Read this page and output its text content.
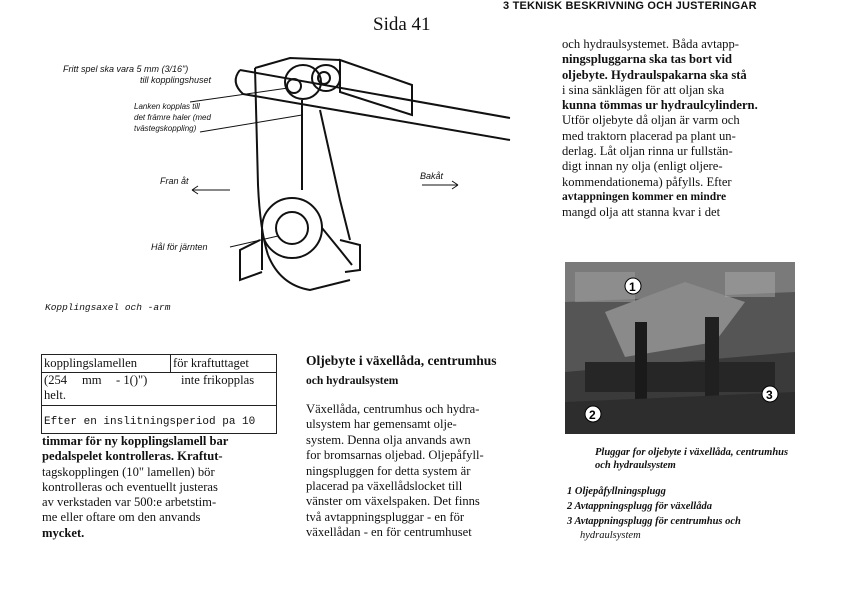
3 TEKNISK BESKRIVNING OCH JUSTERINGAR
Sida 41
Fritt spel ska vara 5 mm (3/16")
till kopplingshuset
Lanken kopplas till
det främre haler (med
tvästegskoppling)
Fran åt	Bakåt
Hål för järnten
Kopplingsaxel och -arm
kopplingslamellen	för kraftuttaget
(254 mm - 1()")	inte frikopplas
helt.
Efter en inslitningsperiod pa 10
timmar för ny kopplingslamell bar
pedalspelet kontrolleras. Kraftut-
tagskopplingen (10" lamellen) bör
kontrolleras och eventuellt justeras
av verkstaden var 500:e arbetstim-
me eller oftare om den anvands
mycket.
Oljebyte i växellåda, centrumhus
och hydraulsystem
Växellåda, centrumhus och hydra-
ulsystem har gemensamt olje-
system. Denna olja anvands awn
for bromsarnas oljebad. Oljepåfyll-
ningspluggen for detta system är
placerad pa växellådslocket till
vänster om växelspaken. Det finns
två avtappningspluggar - en för
växellådan - en för centrumhuset
och hydraulsystemet. Båda avtapp-
ningspluggarna ska tas bort vid
oljebyte. Hydraulspakarna ska stå
i sina sänklägen för att oljan ska
kunna tömmas ur hydraulcylindern.
Utför oljebyte då oljan är varm och
med traktorn placerad pa plant un-
derlag. Låt oljan rinna ur fullstän-
digt innan ny olja (enligt oljere-
kommendationema) påfylls. Efter
avtappningen kommer en mindre
mangd olja att stanna kvar i det
1
2
3
Pluggar for oljebyte i växellåda, centrumhus och hydraulsystem
1 Oljepåfyllningsplugg
2 Avtappningsplugg för växellåda
3 Avtappningsplugg för centrumhus och
hydraulsystem
